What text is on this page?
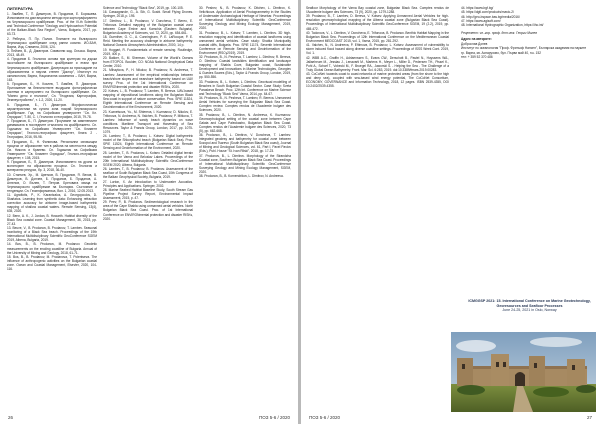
ЛИТЕРАТУРА

1. Ламбев, Т., П. Димитров, В. Проданов, Е. Боришева. Използване на дистанционни методи при картографирането на Черноморското крайбрежие. Proc. of the VI-th Scientific and Technical Conference "Geology and Hydrocarbon Potential of the Balkan-Black Sea Region", Varna, Bulgaria, 2017, pp. 63-73.

2. Ребеуса, П. Пр. Полов. Плитките на българското Черноморско крайбрежие след ранни кохили. ИО-БАН, Варна, Изд. Слимена, 2006, 124.

3. Пейчев, В., Д. Димитров. Символни кад. Осъска. Варна, 2013, 48-49.

4. Проданов Б. Геология основа при критерии на държи экостойките на българското крайбрежие и етапи при Черноморското крайбрежие. Дисертация за присъждане на образователна и научна степен "Доктор", Институт по океанология, Варна, Национална скомпятия – БАН, Варна, 163.

5. Проданов, Б., Н. Козлев, Т. Ламбев, П. Димитров. Приложение на безпилотните въздушни фотографически системи в картирането на българското крайбрежие. Сп. "Минно дело и геология", Сп. "Геодезия, Картография, Землеустройство", т. 1-2, 2020, 11-20.

6. Проданов, Б., П. Димитров. Морфологически характеристики на сухата зона покрай Черноморското крайбрежие. Год. на Софийския университет "Св. Кл. Охридски", Т. 80, С. I, Геология и география, 2015, 79-78.

7. Проданов, Б., П. Димитров. Проучване на изменениите динамиката в последните стъпалата на крайбрежието. Сп. Годишник на Софийския Университет "Св. Климент Охридски", Геолого-географски факултет, Книга 2 - География, 2016, 95-98.

8. Проданов, Б., Н. Филипова. Регионални свлачищни процеси от абразионен тип в района на местността между Св. Никола и Кранево. Сп. Годишник на Софийския Университет "Св. Климент Охридски", Геолого-географски факултет, т. 108, 2015.

9. Проданов, Б., П. Димитров. Използването на дрони за мониторинг на абразионни процеси. Сп. Геология и минерални ресурси, бр. 3, 2018, 36-40.

10. Станчев, Хр., М. Цветков, В. Проданов, Я. Вехов, В. Димитров, В. Дончев, Б. Проданов, Б. Проданов, А. Ангелов, О. Вълев, Т. Петров. Бреговата ивица на Черноморското крайбрежие на България. Състояние и тенденции. Сп. Геоинформатика, Вол. 1, 2016, 12.05.2013.

11. Agrafiotis, P., K. Karantzalos, A. Georgopoulos, D. Skarlatos. Learning from synthetic data: Enhancing refraction correction accuracy for airborne image-based bathymetric mapping of shallow coastal waters. Remote Sensing, 13(4), 635, 2020.

12. Benn, A. K., J. Jordan, B. Howarth. Habitat diversity of the Black Sea coastal zone. Coastal Management, 36, 2015, pp. 27-43.

13. Beuve, V., B. Prodanov, B. Prodanov, T. Lambev. Seasonal monitoring of a Black Sea beach. Proceedings of the 19th International Multidisciplinary Scientific GeoConference SGEM 2019, Albena, Bulgaria, 2019.

14. Bos, B., B. Prodanov, M. Prodanov. Geodetic measurements on the eroding coastline of Bulgaria. Annual of the University of Mining and Geology, 2018, 61-71.

15. Bos, B., B. Prodanov, M. Prodanova, T. Polentseva. The influence of anthropogenic activities on the Bulgarian coastal zone. Ocean and Coastal Management, Elsevier, 2020, 104-116.

Science and Technology "Black Sea", 2019, pp. 100-105.

16. Cassagrande, G., A. Sib, G. Scabi. Small Flying Drones. Springer, 2018, p. 195.

17. Dimitrov, L., B. Prodanov, V. Doncheva, T. Bereo, E. Trifonova. Detailed mapping of the Bulgarian coastal zone between Cape Emine and Kamchia (Eastern Bulgaria). Bulgarian Academy of Sciences, vol. 72, 2020, pp. 654-661.

18. Guenther, G. C., A. Cunningham, P. E. LaRocque, P. E. Reid. Meeting the accuracy challenge in airborne bathymetry. National Oceanic Atmospheric Administration, 2000, 14 p.

19. Hoggart, R. Fundamentals of remote sensing. Routledge, 2019, 400 p.

20. Bakker, S., M. Sherman. Volume of the World's Oceans from ETOPO1. Boulder, CO: NOAA National Geophysical Data Center, 2010.

21. Mihaylova, P., H. Nikolov, B. Prodanov, N. Andreeva, T. Lambev. Assessment of the empirical relationships between beach/shore slopes and nearshore bathymetry based on UAV survey. Proc. of the 1st International Conference on ENVIRONmental protection and disaster RISKs, 2020.

22. Kotsev, L., B. Prodanov, T. Lambev, R. Bereva. UAV-based mapping of depositional landforms along the Bulgarian Black Sea coast in support of nature conservation. Proc. SPIE 11524, Eighth International Conference on Remote Sensing and Geoinformation of the Environment, 2020.

23. Kuznetsova, Yu., M. Shtereva, I. Kuzmanov, D. Nikolov, E. Trifonova, N. Andreeva, N. Valchev, B. Prodanov, P. Mitkova, T. Lambev. Influence of sandy beach dynamics on wave conditions. Maritime Transport and Harvesting of Sea Resources. Taylor & Francis Group, London, 2017, pp. 1075-1079.

24. Lambev, T., B. Prodanov, L. Kotsev. Digital bathymetric model of the Shkorpilovtsi beach (Bulgarian Black Sea). Proc. SPIE 11524, Eighth International Conference on Remote Sensing and Geoinformation of the Environment, 2020.

25. Lambev, T., B. Prodanov, L. Kotsev. Detailed digital terrain model of the Varna and Beloslav Lakes. Proceedings of the 20th International Multidisciplinary Scientific GeoConference SGEM 2020, Albena, Bulgaria.

26. Lambev, T., B. Prodanov, B. Prodanov. Assessment of the seafloor of South Bulgarian Black Sea Coast, 10th Congress of the Balkan Geophysical Society, Bulgaria, 2019.

27. Lurton, X. An introduction to Underwater Acoustics. Principles and Applications. Springer, 2002.

28. Marine Seabed Habitat Baseline Study, South Stream Gas Pipeline Project Survey Report, Environmental Impact Assessment, 2015, p. 47.

29. Peev, P., B. Prodanov. Sedimentological research in the area of the Cape Shabla using unmanned aerial vehicles. North Bulgarian Black Sea Coast. Proc. of 1st International Conference on ENVIRONmental protection and disaster RISKs, 2020.

30. Peshev, N., B. Prodanov, K. Ditchev, L. Dimitrov, K. Velichkova. Application of Aerial Photogrammetry in the Studies of Underwater Archaeological Heritage of Nesebar. Proceedings of International Multidisciplinary Scientific GeoConference Surveying Geology and Mining Ecology Management, 2019, 2020.

31. Prodanov, B., L. Kotsev, T. Lambev, L. Dimitrov. 3D high-resolution mapping and identification of coastal landforms using unmanned aerial vehicles. Case study: Shabla Municipality coastal cliffs, Bulgaria. Proc. SPIE 11174, Seventh International Conference on Remote Sensing and Geoinformation of the Environment (RSCy2019), 2019.

32. Prodanov, B., N. Pesheva, T. Lambev, L. Dimitrov, R. Bereva, O. Dimitrov. Coastal landslides identification and landscape mapping of Shabla Cove, Bulgarian coast, Sustainable Development and Innovations in Marine Technologies, Georgiev & Guedes Soares (Eds.), Taylor & Francis Group, London, 2019, pp. 550-556.

33. Prodanov, B., L. Kotsev, L. Dimitrov. Geovisual modelling of Beaches in South Bulgarian Coastal Sector. Case Study: Sveta Paraskeva Beach. Proc. 12th Int. Conference on Marine Science and Technology "Black Sea" Varna, 2014, pp. 64-67.

34. Prodanov, B., N. Pesheva, T. Lambev, R. Bereva. Unmanned Aerial Vehicles for surveying the Bulgarian Black Sea Coast. Complex review. Comptes rendus de l'Academie bulgare des Sciences, 2020.

35. Prodanov, B., L. Dimitrov, N. Andreeva, K. Kuzmanov. Geomorphological setting of the coastal zone between Cape Galata and Cape Paleokastro, Bulgarian Black Sea Coast. Comptes rendus de l'Academie bulgare des Sciences, 2020, 73 (5), pp. 662-668.

36. Prodanov, B., L. Dimitrov, V. Doncheva, T. Lambev. Integrated geodesy and bathymetry for coastal zone between Sozopol and Tsarevo (South Bulgarian Black Sea coast), Journal of Mining and Geological Sciences, vol. 61, Part I, Pavel Pavlov (Eds.), Publ. House "St. Ivan Rilski", 2018, pp. 17-23.

37. Prodanov, B., L. Dimitrov. Morphology of the Strandzha Coastal zone, Southern Bulgarian Black Sea Coast. Proceedings of International Multidisciplinary Scientific GeoConference Surveying Geology and Mining Ecology Management, SGEM, 2020.

38. Prodanov, B., B. Kornendrikov, L. Dimitrov, N. Andreeva.

26	ПОЗ 5-6 / 2020

Seafloor Morphology of the Varna Bay coastal zone, Bulgarian Black Sea. Comptes rendus de l'Academie bulgare des Sciences, 73 (9), 2020, pp. 1279-1288.

39. Prodanov, B., T. Lambev, D. Bereva, V. Kotsev. Applying Unmanned Aerial Vehicles for high-resolution geomorphological mapping of the Albena coastal zone (Bulgarian Black Sea Coast). Proceedings of International Multidisciplinary Scientific GeoConference SGEM, 19 (2.2), 2019, pp. 465-472.

40. Todorova, V., L. Dimitrov, V. Doncheva, E. Trifonova, B. Prodanov. Benthic Habitat Mapping in the Bulgarian Black Sea. Proceedings of 12th International Conference on the Mediterranean Coastal Environment MEDCOAST 2015, vol. 1, Varna, 2015, pp. 281-292.

41. Valchev, N., N. Andreeva, P. Eftimova, B. Prodanov, L. Kotsev. Assessment of vulnerability to storm induced flood hazard along diverse coastline settings. Proceedings of ISSS Week Cont. 2019, Vol. 1.

42. WBB A.C., Graffin H., Adriaenssen S., Evans CW., Derschott B., Pastel N., Huyssens WA., Jallaeheum M., Jessiau J., Lenavarti M., Martens H., Meyer L., Miller D., Pedersen TH., Pissel K., Pohl A., Scharf T., Vobecki M., F. Bruegel RA., Jaworski S. - Helping the Sea - The Challenge of a Truly Global Ocean Bathymetry. Front. Mar. Sci. 6:283, 2019. doi:10.3389/fmars.2019.00283.

43. CoCoNet: towards coast to coast networks of marine protected areas (from the shore to the high and deep sea), coupled with sea-based wind energy potential, The CoCoNet Consortium, ECONOMY, GOVERNANCE and Information Technology, 2018, 12 pages. ISBN 2539-4355, DOI 10.2402/2539-4355.

44. https://www.bgf.bg/

45. https://dgtl.com/products/mavic-2/

46. http://geo-bspace.bas.bg/media/2016/

47. https://www.agisoft.com/

48. International Hydrographic Organization, https://iho.int/

Рецензент: чл.-кор. проф. дтн инж. Георги Милев

Адрес на авторите:

Доброслав Донев

Институт по океанология "Проф. Фритьоф Нансен", Българска академия на науките

гр. Варна, кв. Аспарухово, бул. Първи май 40, п.к. 152

тел: + 359 52 370 486

ICMGGSP 2021: 15. International Conference on Marine Geotechnology, Georesources and Seafloor Processes
June 24-25, 2021 in Oslo, Norway
ПОЗ 5-6 / 2020	27
